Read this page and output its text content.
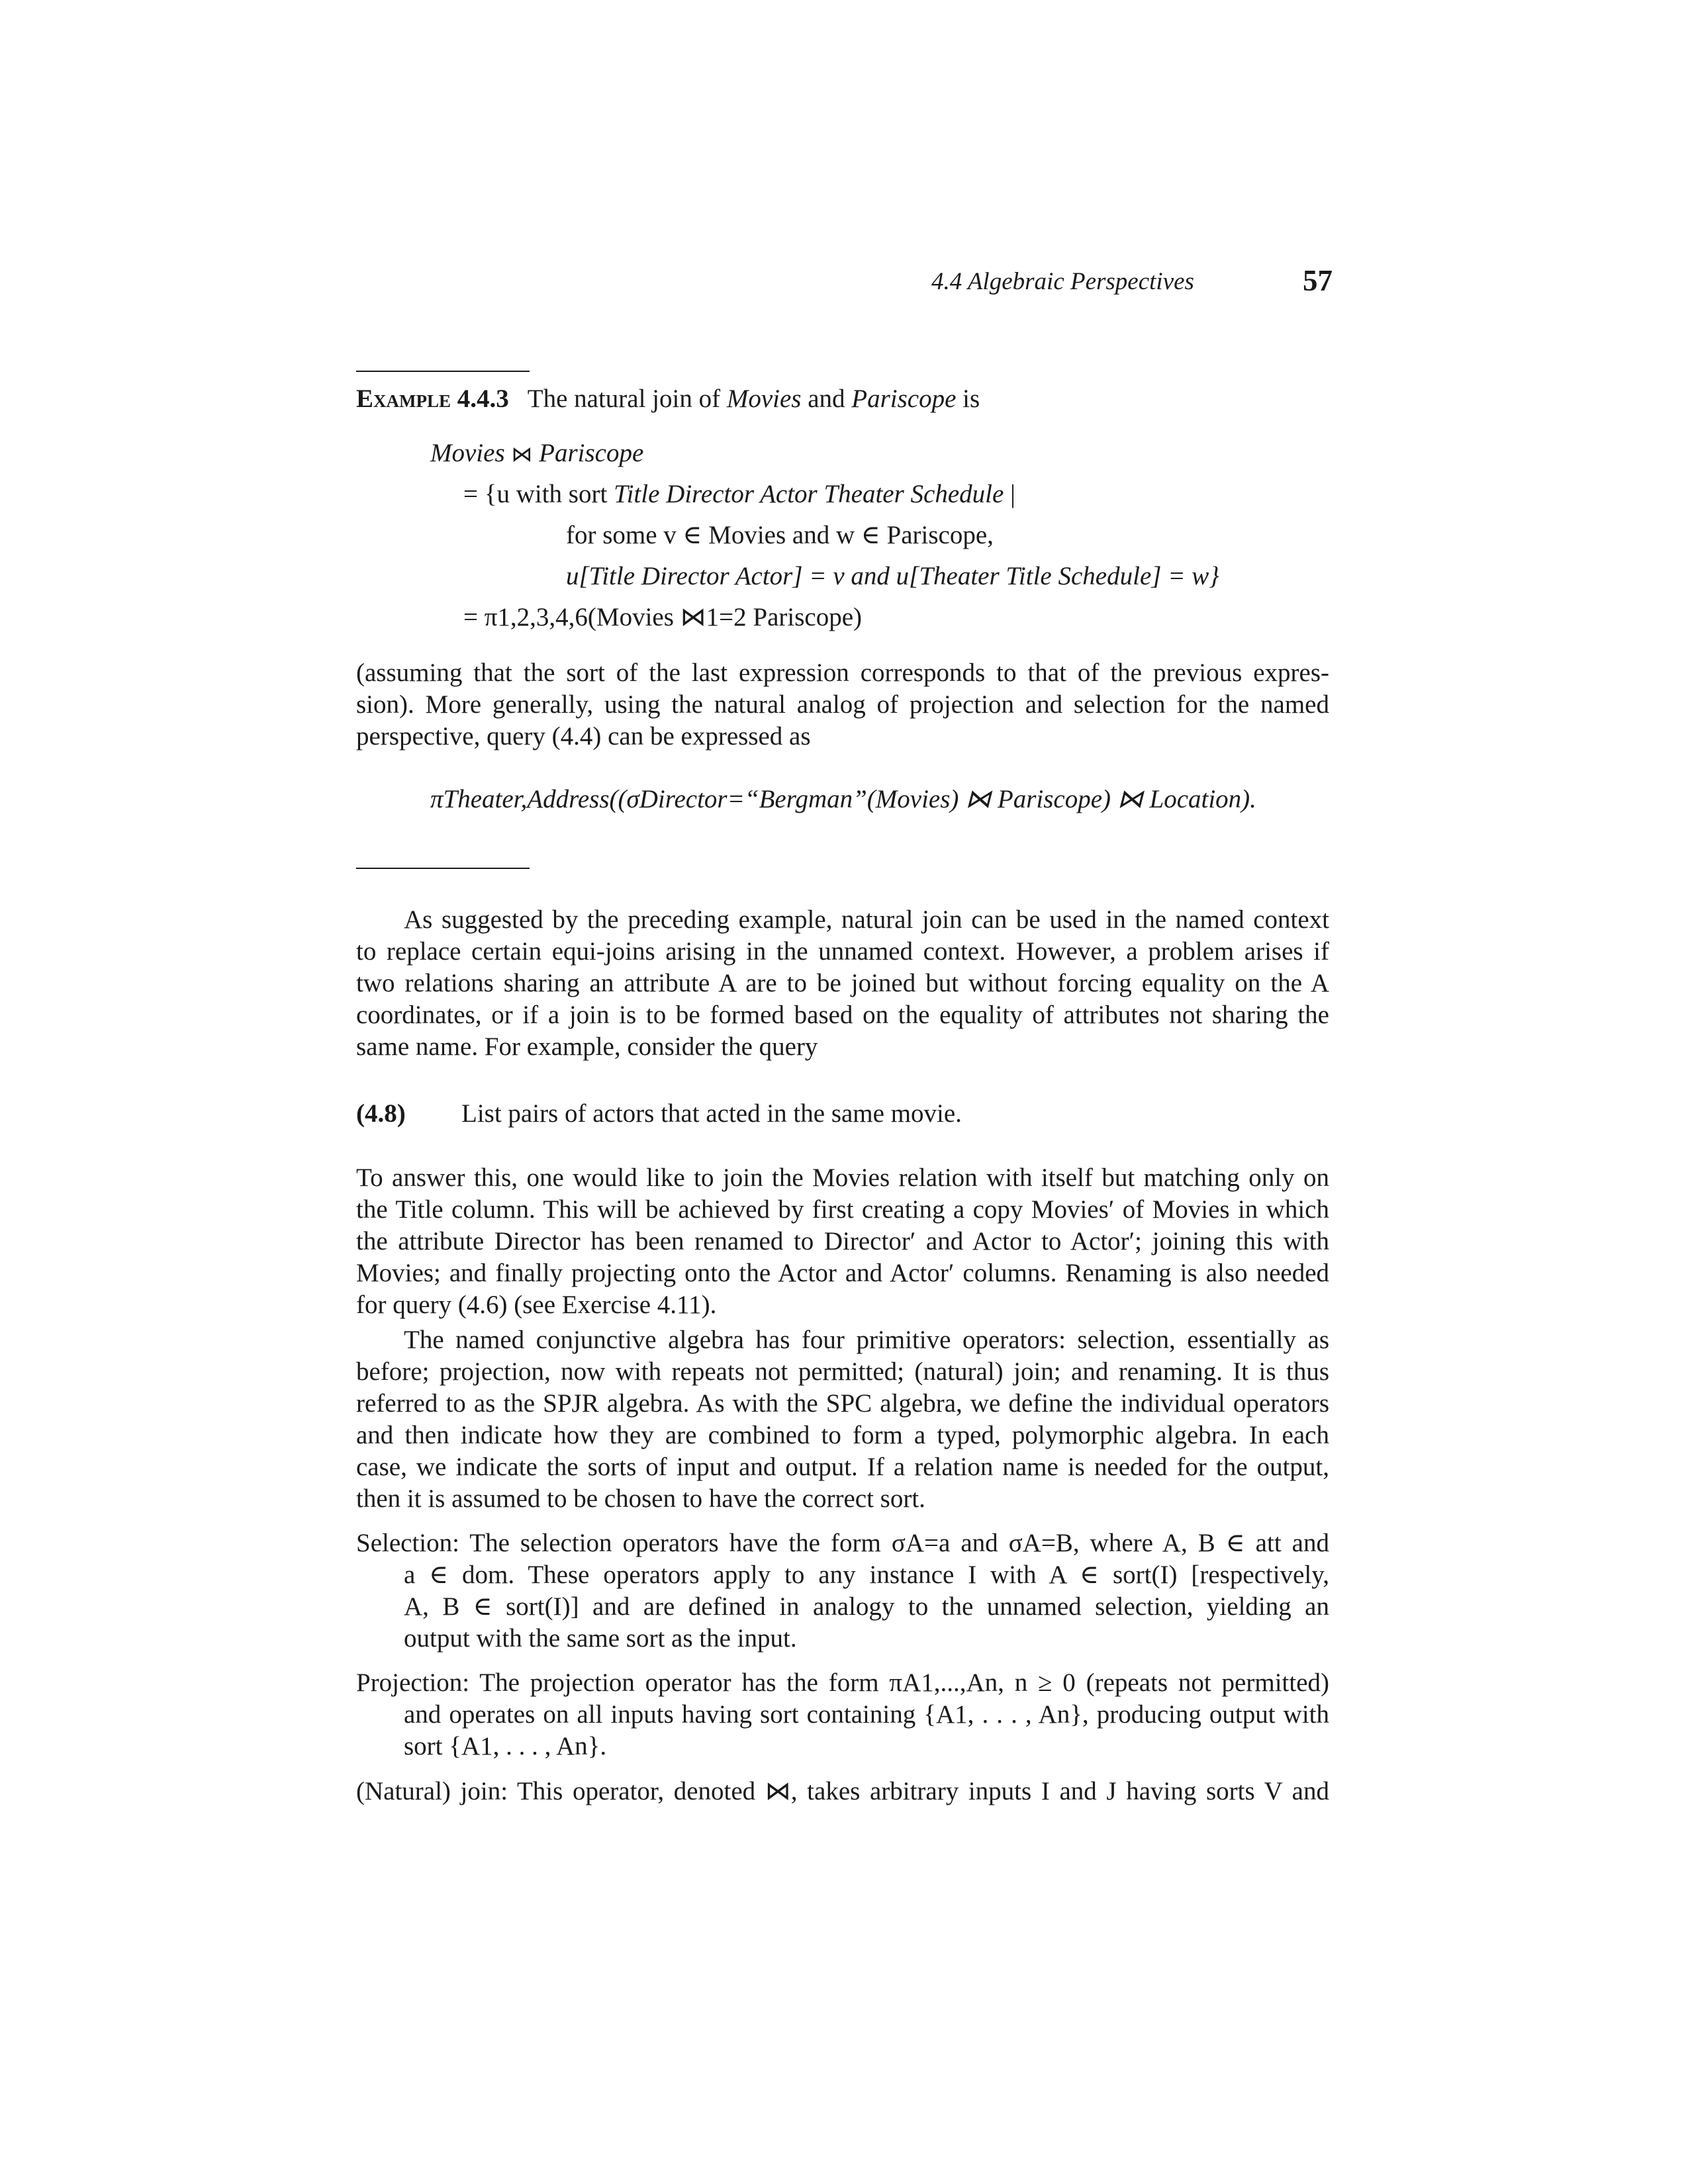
4.4 Algebraic Perspectives	57
Example 4.4.3 The natural join of Movies and Pariscope is
Movies ⋈ Pariscope
= {u with sort Title Director Actor Theater Schedule |
for some v ∈ Movies and w ∈ Pariscope,
u[Title Director Actor] = v and u[Theater Title Schedule] = w}
= π1,2,3,4,6(Movies ⋈1=2 Pariscope)
(assuming that the sort of the last expression corresponds to that of the previous expres-
sion). More generally, using the natural analog of projection and selection for the named
perspective, query (4.4) can be expressed as
πTheater,Address((σDirector=“Bergman”(Movies) ⋈ Pariscope) ⋈ Location).
As suggested by the preceding example, natural join can be used in the named context
to replace certain equi-joins arising in the unnamed context. However, a problem arises if
two relations sharing an attribute A are to be joined but without forcing equality on the A
coordinates, or if a join is to be formed based on the equality of attributes not sharing the
same name. For example, consider the query
(4.8) List pairs of actors that acted in the same movie.
To answer this, one would like to join the Movies relation with itself but matching only on
the Title column. This will be achieved by first creating a copy Movies′ of Movies in which
the attribute Director has been renamed to Director′ and Actor to Actor′; joining this with
Movies; and finally projecting onto the Actor and Actor′ columns. Renaming is also needed
for query (4.6) (see Exercise 4.11).
The named conjunctive algebra has four primitive operators: selection, essentially as
before; projection, now with repeats not permitted; (natural) join; and renaming. It is thus
referred to as the SPJR algebra. As with the SPC algebra, we define the individual operators
and then indicate how they are combined to form a typed, polymorphic algebra. In each
case, we indicate the sorts of input and output. If a relation name is needed for the output,
then it is assumed to be chosen to have the correct sort.
Selection: The selection operators have the form σA=a and σA=B, where A, B ∈ att and
a ∈ dom. These operators apply to any instance I with A ∈ sort(I) [respectively,
A, B ∈ sort(I)] and are defined in analogy to the unnamed selection, yielding an
output with the same sort as the input.
Projection: The projection operator has the form πA1,...,An, n ≥ 0 (repeats not permitted)
and operates on all inputs having sort containing {A1, . . . , An}, producing output with
sort {A1, . . . , An}.
(Natural) join: This operator, denoted ⋈, takes arbitrary inputs I and J having sorts V and
